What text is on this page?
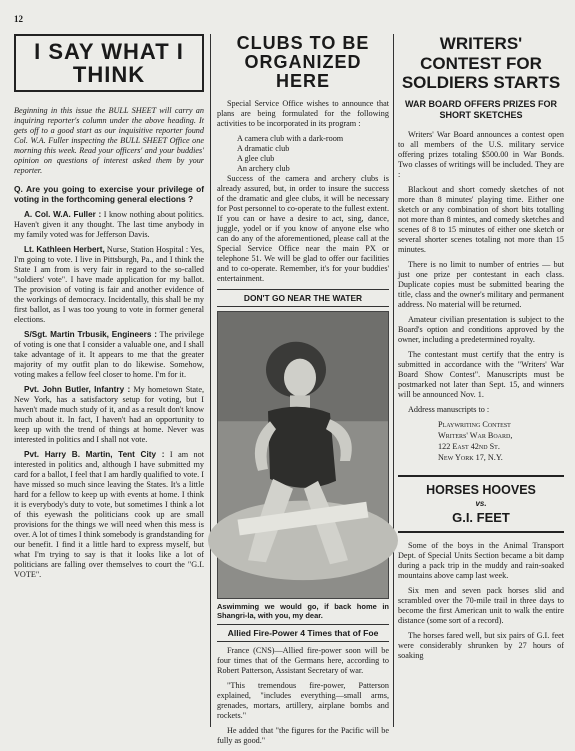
12
I SAY WHAT I THINK
Beginning in this issue the BULL SHEET will carry an inquiring reporter's column under the above heading. It gets off to a good start as our inquisitive reporter found Col. W.A. Fuller inspecting the BULL SHEET Office one morning this week. Read your officers' and your buddies' opinion on questions of interest asked them by your reporter.

Q. Are you going to exercise your privilege of voting in the forthcoming general elections ?

A. Col. W.A. Fuller : I know nothing about politics. Haven't given it any thought. The last time anybody in my family voted was for Jefferson Davis.

Lt. Kathleen Herbert, Nurse, Station Hospital : Yes, I'm going to vote. I live in Pittsburgh, Pa., and I think the State I am from is very fair in regard to the so-called "soldiers' vote". I have made application for my ballot. The provision of voting is fair and another evidence of the workings of democracy. Incidentally, this shall be my first ballot, as I was too young to vote in former general elections.

S/Sgt. Martin Trbusik, Engineers : The privilege of voting is one that I consider a valuable one, and I shall take advantage of it. It appears to me that the greater majority of my outfit plan to do likewise. Somehow, voting makes a fellow feel closer to home. I'm for it.

Pvt. John Butler, Infantry : My hometown State, New York, has a satisfactory setup for voting, but I haven't made much study of it, and as a result don't know much about it. In fact, I haven't had an opportunity to keep up with the trend of things at home. Never was interested in politics and I shall not vote.

Pvt. Harry B. Martin, Tent City : I am not interested in politics and, although I have submitted my card for a ballot, I feel that I am hardly qualified to vote. I have missed so much since leaving the States. It's a little hard for a fellow to keep up with events at home. I think it is everybody's duty to vote, but sometimes I think a lot of this eyewash the politicians cook up are small provisions for the things we will need when this mess is over. A lot of times I think somebody is grandstanding for our benefit. I find it a little hard to express myself, but what I'm trying to say is that it looks like a lot of politicians are falling over themselves to court the "G.I. VOTE".

CLUBS TO BE ORGANIZED HERE

Special Service Office wishes to announce that plans are being formulated for the following activities to be incorporated in its program :

A camera club with a dark-room
A dramatic club
A glee club
An archery club

Success of the camera and archery clubs is already assured, but, in order to insure the success of the dramatic and glee clubs, it will be necessary for Post personnel to co-operate to the fullest extent. If you can or have a desire to act, sing, dance, juggle, yodel or if you know of anyone else who can do any of the aforementioned, please call at the Special Service Office near the main PX or telephone 51. We will be glad to offer our facilities and to co-operate. Remember, it's for your buddies' entertainment.

DON'T GO NEAR THE WATER
Aswimming we would go, if back home in Shangri-la, with you, my dear.
Allied Fire-Power 4 Times that of Foe

France (CNS)—Allied fire-power soon will be four times that of the Germans here, according to Robert Patterson, Assistant Secretary of war.

"This tremendous fire-power, Patterson explained, "includes everything—small arms, grenades, mortars, artillery, airplane bombs and rockets."

He added that "the figures for the Pacific will be fully as good."

WRITERS' CONTEST FOR SOLDIERS STARTS
WAR BOARD OFFERS PRIZES FOR SHORT SKETCHES

Writers' War Board announces a contest open to all members of the U.S. military service offering prizes totaling $500.00 in War Bonds. Two classes of writings will be included. They are :

Blackout and short comedy sketches of not more than 8 minutes' playing time. Either one sketch or any combination of short bits totalling not more than 8 mintes, and comedy sketches and scenes of 8 to 15 minutes of either one sketch or several shorter scenes totaling not more than 15 minutes.

There is no limit to number of entries — but just one prize per contestant in each class. Duplicate copies must be submitted bearing the title, class and the owner's military and permanent address. No material will be returned.

Amateur civilian presentation is subject to the Board's option and conditions approved by the owner, including a predetermined royalty.

The contestant must certify that the entry is submitted in accordance with the "Writers' War Board Show Contest". Manuscripts must be postmarked not later than Sept. 15, and winners will be announced Nov. 1.

Address manuscripts to :

Playwriting Contest
Writers' War Board,
122 East 42nd St.
New York 17, N.Y.
HORSES HOOVES
vs.
G.I. FEET

Some of the boys in the Animal Transport Dept. of Special Units Section became a bit damp during a pack trip in the muddy and rain-soaked mountains above camp last week.

Six men and seven pack horses slid and scrambled over the 70-mile trail in three days to become the first American unit to walk the entire distance (some sort of a record).

The horses fared well, but six pairs of G.I. feet were considerably shrunken by 27 hours of soaking
